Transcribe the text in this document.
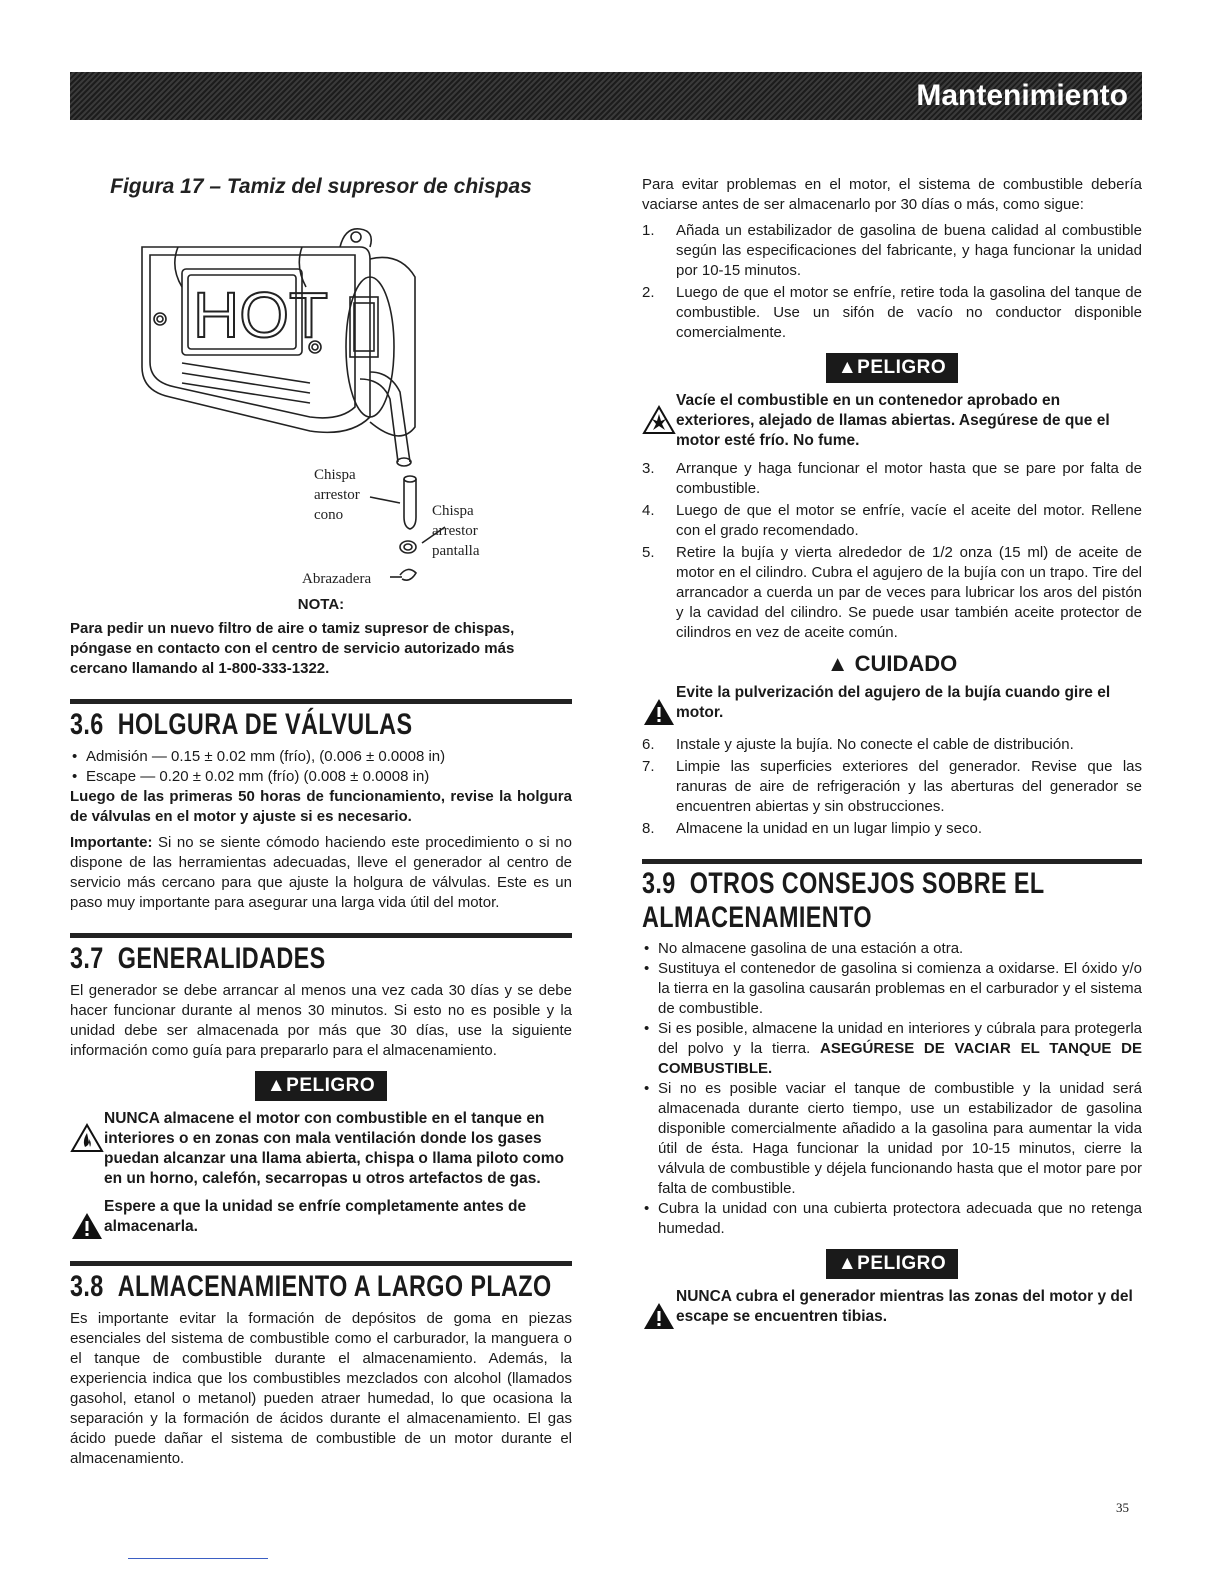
Mantenimiento
Figura 17 – Tamiz del supresor de chispas
HOT
Chispa
arrestor
cono	Chispa
arrestor
pantalla
Abrazadera
NOTA:
Para pedir un nuevo filtro de aire o tamiz supresor de chispas, póngase en contacto con el centro de servicio autorizado más cercano llamando al 1-800-333-1322.
3.6 HOLGURA DE VÁLVULAS
• Admisión — 0.15 ± 0.02 mm (frío), (0.006 ± 0.0008 in)
• Escape — 0.20 ± 0.02 mm (frío) (0.008 ± 0.0008 in)

Luego de las primeras 50 horas de funcionamiento, revise la holgura de válvulas en el motor y ajuste si es necesario.

Importante: Si no se siente cómodo haciendo este procedimiento o si no dispone de las herramientas adecuadas, lleve el generador al centro de servicio más cercano para que ajuste la holgura de válvulas. Este es un paso muy importante para asegurar una larga vida útil del motor.

3.7 GENERALIDADES

El generador se debe arrancar al menos una vez cada 30 días y se debe hacer funcionar durante al menos 30 minutos. Si esto no es posible y la unidad debe ser almacenada por más que 30 días, use la siguiente información como guía para prepararlo para el almacenamiento.

▲PELIGRO
NUNCA almacene el motor con combustible en el tanque en interiores o en zonas con mala ventilación donde los gases puedan alcanzar una llama abierta, chispa o llama piloto como en un horno, calefón, secarropas u otros artefactos de gas.
Espere a que la unidad se enfríe completamente antes de almacenarla.
3.8 ALMACENAMIENTO A LARGO PLAZO

Es importante evitar la formación de depósitos de goma en piezas esenciales del sistema de combustible como el carburador, la manguera o el tanque de combustible durante el almacenamiento. Además, la experiencia indica que los combustibles mezclados con alcohol (llamados gasohol, etanol o metanol) pueden atraer humedad, lo que ocasiona la separación y la formación de ácidos durante el almacenamiento. El gas ácido puede dañar el sistema de combustible de un motor durante el almacenamiento.

Para evitar problemas en el motor, el sistema de combustible debería vaciarse antes de ser almacenarlo por 30 días o más, como sigue:

1. Añada un estabilizador de gasolina de buena calidad al combustible según las especificaciones del fabricante, y haga funcionar la unidad por 10-15 minutos.
2. Luego de que el motor se enfríe, retire toda la gasolina del tanque de combustible. Use un sifón de vacío no conductor disponible comercialmente.
▲PELIGRO
Vacíe el combustible en un contenedor aprobado en exteriores, alejado de llamas abiertas. Asegúrese de que el motor esté frío. No fume.
3. Arranque y haga funcionar el motor hasta que se pare por falta de combustible.
4. Luego de que el motor se enfríe, vacíe el aceite del motor. Rellene con el grado recomendado.
5. Retire la bujía y vierta alrededor de 1/2 onza (15 ml) de aceite de motor en el cilindro. Cubra el agujero de la bujía con un trapo. Tire del arrancador a cuerda un par de veces para lubricar los aros del pistón y la cavidad del cilindro. Se puede usar también aceite protector de cilindros en vez de aceite común.
▲ CUIDADO
Evite la pulverización del agujero de la bujía cuando gire el motor.
6. Instale y ajuste la bujía. No conecte el cable de distribución.
7. Limpie las superficies exteriores del generador. Revise que las ranuras de aire de refrigeración y las aberturas del generador se encuentren abiertas y sin obstrucciones.
8. Almacene la unidad en un lugar limpio y seco.
3.9 OTROS CONSEJOS SOBRE EL ALMACENAMIENTO
• No almacene gasolina de una estación a otra.
• Sustituya el contenedor de gasolina si comienza a oxidarse. El óxido y/o la tierra en la gasolina causarán problemas en el carburador y el sistema de combustible.
• Si es posible, almacene la unidad en interiores y cúbrala para protegerla del polvo y la tierra. ASEGÚRESE DE VACIAR EL TANQUE DE COMBUSTIBLE.
• Si no es posible vaciar el tanque de combustible y la unidad será almacenada durante cierto tiempo, use un estabilizador de gasolina disponible comercialmente añadido a la gasolina para aumentar la vida útil de ésta. Haga funcionar la unidad por 10-15 minutos, cierre la válvula de combustible y déjela funcionando hasta que el motor pare por falta de combustible.
• Cubra la unidad con una cubierta protectora adecuada que no retenga humedad.
▲PELIGRO
NUNCA cubra el generador mientras las zonas del motor y del escape se encuentren tibias.
35
